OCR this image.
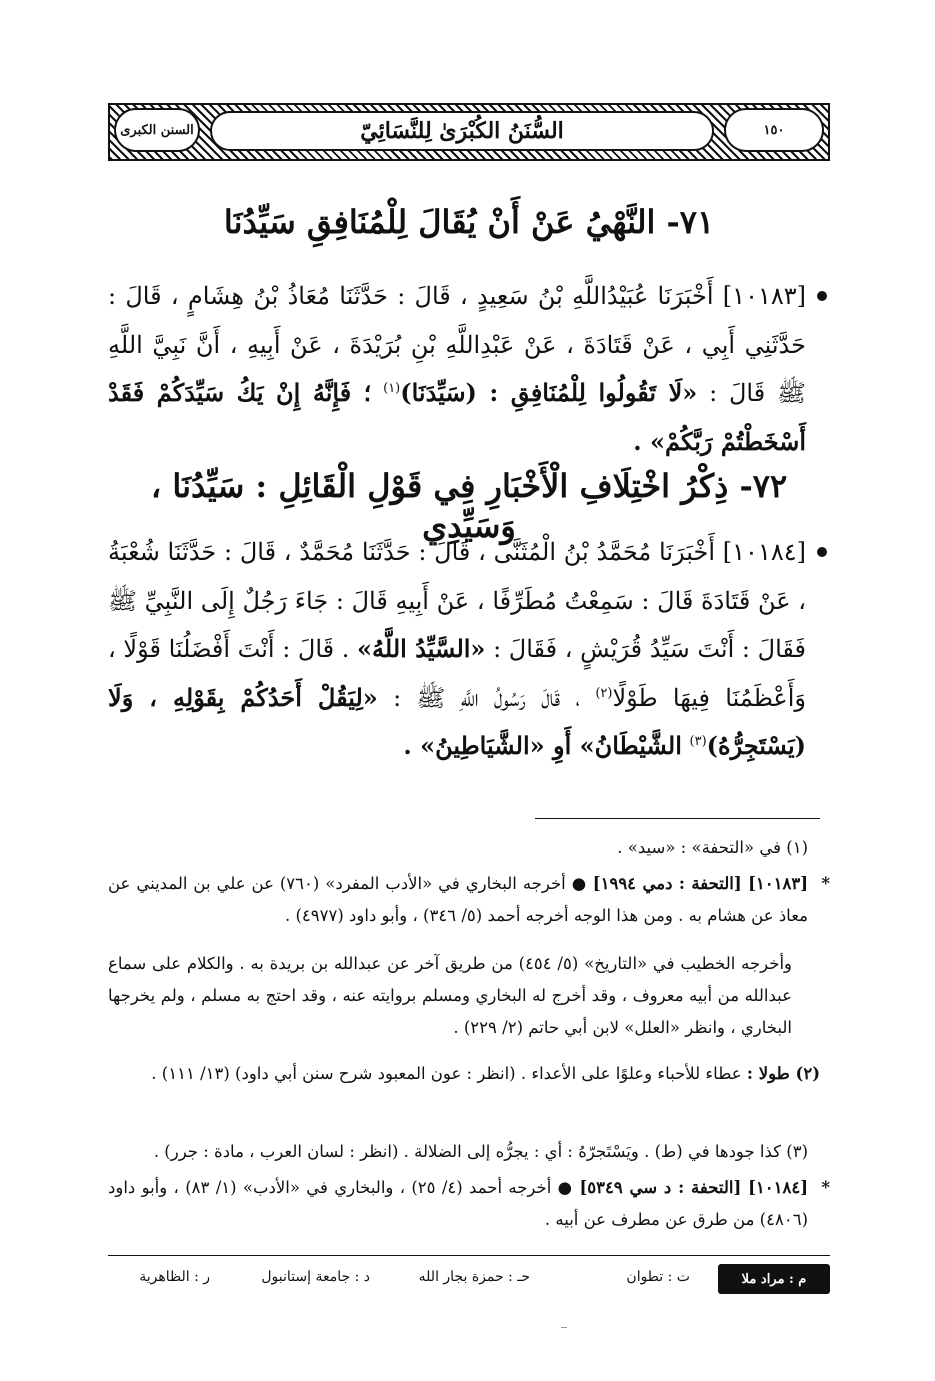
السنن الكبرى	السُّنَنُ الكُبْرَىٰ لِلنَّسَائِيّ	١٥٠
٧١- النَّهْيُ عَنْ أَنْ يُقَالَ لِلْمُنَافِقِ سَيِّدُنَا
[١٠١٨٣] أَخْبَرَنَا عُبَيْدُاللَّهِ بْنُ سَعِيدٍ ، قَالَ : حَدَّثَنَا مُعَاذُ بْنُ هِشَامٍ ، قَالَ : حَدَّثَنِي أَبِي ، عَنْ قَتَادَةَ ، عَنْ عَبْدِاللَّهِ بْنِ بُرَيْدَةَ ، عَنْ أَبِيهِ ، أَنَّ نَبِيَّ اللَّهِ ﷺ قَالَ : «لَا تَقُولُوا لِلْمُنَافِقِ : (سَيِّدَنَا)$^{(١)}$ ؛ فَإِنَّهُ إِنْ يَكُ سَيِّدَكُمْ فَقَدْ أَسْخَطْتُمْ رَبَّكُمْ» .
٧٢- ذِكْرُ اخْتِلَافِ الْأَخْبَارِ فِي قَوْلِ الْقَائِلِ : سَيِّدُنَا ، وَسَيِّدِي
[١٠١٨٤] أَخْبَرَنَا مُحَمَّدُ بْنُ الْمُثَنَّى ، قَالَ : حَدَّثَنَا مُحَمَّدٌ ، قَالَ : حَدَّثَنَا شُعْبَةُ ، عَنْ قَتَادَةَ قَالَ : سَمِعْتُ مُطَرِّفًا ، عَنْ أَبِيهِ قَالَ : جَاءَ رَجُلٌ إِلَى النَّبِيِّ ﷺ فَقَالَ : أَنْتَ سَيِّدُ قُرَيْشٍ ، فَقَالَ : «السَّيِّدُ اللَّهُ» . قَالَ : أَنْتَ أَفْضَلُنَا قَوْلًا ، وَأَعْظَمُنَا فِيهَا طَوْلًا$^{(٢)}$ ، قَالَ رَسُولُ اللَّهِ ﷺ : «لِيَقُلْ أَحَدُكُمْ بِقَوْلِهِ ، وَلَا (يَسْتَجِرُّهُ)$^{(٣)}$ الشَّيْطَانُ» أَوِ «الشَّيَاطِينُ» .
(١) في «التحفة» : «سيد» .
*
[١٠١٨٣] [التحفة : دمي ١٩٩٤] ● أخرجه البخاري في «الأدب المفرد» (٧٦٠) عن علي بن المديني عن معاذ عن هشام به . ومن هذا الوجه أخرجه أحمد (٥/ ٣٤٦) ، وأبو داود (٤٩٧٧) .
وأخرجه الخطيب في «التاريخ» (٥/ ٤٥٤) من طريق آخر عن عبدالله بن بريدة به . والكلام على سماع عبدالله من أبيه معروف ، وقد أخرج له البخاري ومسلم بروايته عنه ، وقد احتج به مسلم ، ولم يخرجها البخاري ، وانظر «العلل» لابن أبي حاتم (٢/ ٢٢٩) .
(٢) طولا : عطاء للأحباء وعلوًا على الأعداء . (انظر : عون المعبود شرح سنن أبي داود) (١٣/ ١١١) .
(٣) كذا جودها في (ط) . ويَسْتَجرّهُ : أي : يجرُّه إلى الضلالة . (انظر : لسان العرب ، مادة : جرر) .
*
[١٠١٨٤] [التحفة : د سي ٥٣٤٩] ● أخرجه أحمد (٤/ ٢٥) ، والبخاري في «الأدب» (١/ ٨٣) ، وأبو داود (٤٨٠٦) من طرق عن مطرف عن أبيه .
م : مراد ملا
ت : تطوان
حـ : حمزة بجار الله
د : جامعة إستانبول
ر : الظاهرية
